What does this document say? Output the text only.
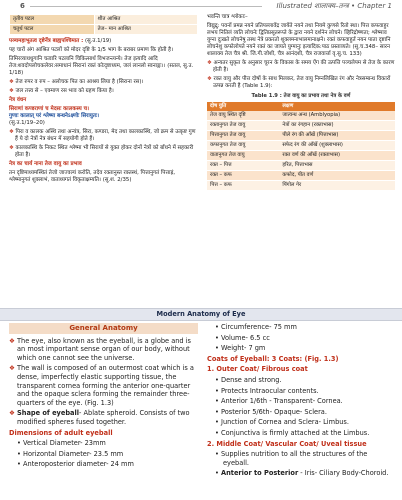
6	Illustrated शालाक्य–तन्त्र • Chapter 1
तृतीय पटल	शीत आश्रित
चतुर्थ पटल	तेज– मान आश्रित

पञ्चमहाभूतत्व दृष्टेर्नेत्र बाह्यपश्चिमात : (सु.उ.1/19)

पह चारों अंग आश्रित पटलों को मोदर दृष्टि के 1/5 भाग के बराबर प्रमाण कि होती है।

तिमिरव्याधधुगानि चत्वारि पटलानि चिकित्सार्थं विभजन्त्यन्ये। तेज इत्यादि आदि तेज:शवदोपलोचकलेवर:समाधानं सिरानां रक्तं कोःदृष्टाध्यम, जलं लानलो स्वनाङ्गः।। (सतल, सु.उ. 1/18)

❖ तेज रुपर व रुप – अलोचक पित का आश्रय लिया है (सिराना रस)।

❖ जल तत्त्व से – एक्माण रस भाव को ग्रहण किया है।

नेत्र वंधन

सिराणां कण्डराणां च मेदसः कालकस्य च।
गुणाः कालात् परं श्लेष्मा बन्धनेऽक्ष्णोः सिरायुतः।
(सु.उ.1/19–20)

❖ पिरा व कालक अस्थि तथा अन्यंत्र, सिरा, कण्डरा, मेद तथा कालकास्थि, जो क्रम से उत्कृष्ट गुण हैं ये दो नेत्रों नेत्र बंधन में सहयोगी होते हैं।

❖ कालकास्थि के निकट स्थित श्लेष्मा भी सिरायों से युक्त होकर दोनों नेत्रों को बाँधने में सहकारी होता है।

नेत्र का चार्य नाना तेज वायु का प्रभाव

तन दृष्टिमाध्यमस्थितं तेजो जाज्वल्यं करोति, तदेव रक्तानुस्त रक्तस्थं, पित्तानुगतं पित्ताह्रं, श्लेष्मानुगतं शुक्लाभं, वाताध्यगतं विकृताक्षम्यति। (सु.श. 2/35)

भवन्ति चात्र श्लोकाः–

विद्युद्रु: पवनों प्रमन्न नयने प्रतिपल्लावेंद्र जायेंते नयने तथा नियमे कुणसे रितो स्था। पित्त कफवाहुर लभय नितिलं व्यति लोचनेः द्वितिप्रसूतरूप्ते के द्वारा नयने दर्शनेन लोचने। व्हिरिद्रोष्णता; श्लेष्माव युग्ना दुःखते लोचनेषु तस्थ नेत्रे प्रकरतो शुक्लमनाभालमानाक्षने। रक्तं कफवाहुर्तं नयन पाता दृष्टानि लोचनेशु कफोलोपते नयने रक्तं का जायते युग्मानुः इत्यादिक:पाठ प्रस्ताव्यते। (सु.च.348– सारन शालाक्य तेज चैत्र श्री. जि.गी.जोशी, चैत्र आनंदशी, चैत्र राजवार्त्ता वृ.सु.च. 133)

❖ अन्यतर सुकृत के अनुसार चूरन के विकास के समय ऐंग की उत्पत्ति पञ्चलेपम से तेज के कारण होती है।

❖ रक्त वायु और पीत्त दोषों के साथ मिलकर, तेज वायु निम्नलिखित रंग और नेत्रसम्बन्ध विकारों उत्पन्न करती है (Table 1.9):

Table 1.9 : तेज वायु का प्रभाव तथा नेत्र के वर्ण
दोष युति	लक्षण
तेज वायु स्थित दृष्टि	जात्यन्ध अन्ध (Amblyopia)
रक्तानुगत तेज वायु	नेत्रों का रंगहान (रक्ताभास)
पित्तानुगत तेज वायु	पीले रंग की आँखें (पित्ताभास)
कफानुगत तेज वायु	सफेद रंग की आँखें (शुक्लाभास)
वातानुगत तेज वायु	रक्त वर्ण की आँखें (रक्ताभास)
रक्त – पित्त	हरित, पित्ताभास
रक्त – कफ	कफोद, पीत वर्ण
पित्त – कफ	पिंगोल गेर
Modern Anatomy of Eye
General Anatomy

❖ The eye, also known as the eyeball, is a globe and is an most important sense organ of our body, without which one cannot see the universe.

❖ The wall is composed of an outermost coat which is a dense, imperfectly elastic supporting tissue, the transparent cornea forming the anterior one-quarter and the opaque sclera forming the remainder three-quarters of the eye. (Fig. 1.3)

❖ Shape of eyeball- Ablate spheroid. Consists of two modified spheres fused together.

Dimensions of adult eyeball

• Vertical Diameter- 23mm

• Horizontal Diameter- 23.5 mm

• Anteroposterior diameter- 24 mm

• Circumference- 75 mm

• Volume- 6.5 cc

• Weight- 7 gm

Coats of Eyeball: 3 Coats: (Fig. 1.3)

1. Outer Coat/ Fibrous coat

• Dense and strong.

• Protects Intraocular contents.

• Anterior 1/6th - Transparent- Cornea.

• Posterior 5/6th- Opaque- Sclera.

• Junction of Cornea and Sclera- Limbus.

• Conjunctiva is firmly attached at the Limbus.

2. Middle Coat/ Vascular Coat/ Uveal tissue

• Supplies nutrition to all the structures of the eyeball.

• Anterior to Posterior - Iris- Ciliary Body-Choroid.
